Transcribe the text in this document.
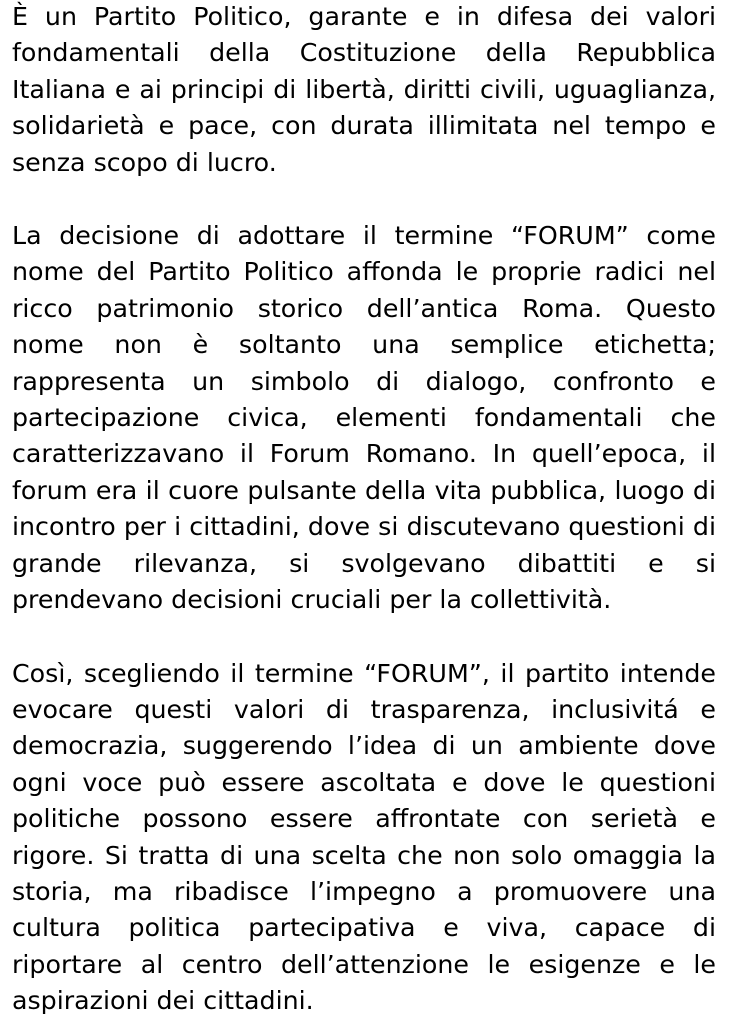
È un Partito Politico, garante e in difesa dei valori fondamentali della Costituzione della Repubblica Italiana e ai principi di libertà, diritti civili, uguaglianza, solidarietà e pace, con durata illimitata nel tempo e senza scopo di lucro.

La decisione di adottare il termine “FORUM” come nome del Partito Politico affonda le proprie radici nel ricco patrimonio storico dell’antica Roma. Questo nome non è soltanto una semplice etichetta; rappresenta un simbolo di dialogo, confronto e partecipazione civica, elementi fondamentali che caratterizzavano il Forum Romano. In quell’epoca, il forum era il cuore pulsante della vita pubblica, luogo di incontro per i cittadini, dove si discutevano questioni di grande rilevanza, si svolgevano dibattiti e si prendevano decisioni cruciali per la collettività.

Così, scegliendo il termine “FORUM”, il partito intende evocare questi valori di trasparenza, inclusivitá e democrazia, suggerendo l’idea di un ambiente dove ogni voce può essere ascoltata e dove le questioni politiche possono essere affrontate con serietà e rigore. Si tratta di una scelta che non solo omaggia la storia, ma ribadisce l’impegno a promuovere una cultura politica partecipativa e viva, capace di riportare al centro dell’attenzione le esigenze e le aspirazioni dei cittadini.
